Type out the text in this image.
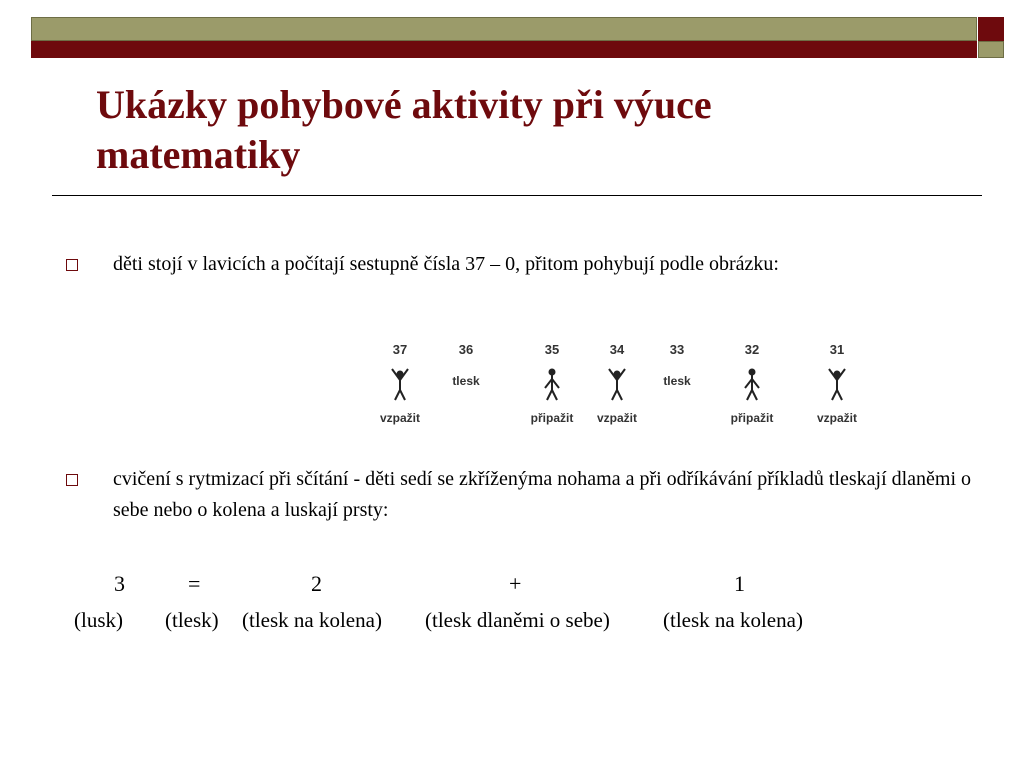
Ukázky pohybové aktivity při výuce matematiky
děti stojí v lavicích a počítají sestupně čísla 37 – 0, přitom pohybují podle obrázku:
37
vzpažit
36
tlesk
35
připažit
34
vzpažit
33
tlesk
32
připažit
31
vzpažit
cvičení s rytmizací při sčítání - děti sedí se zkříženýma nohama a při odříkávání příkladů tleskají dlaněmi o sebe nebo o kolena a luskají prsty:
3	=	2	+	1
(lusk) (tlesk) (tlesk na kolena) (tlesk dlaněmi o sebe)	(tlesk na kolena)
